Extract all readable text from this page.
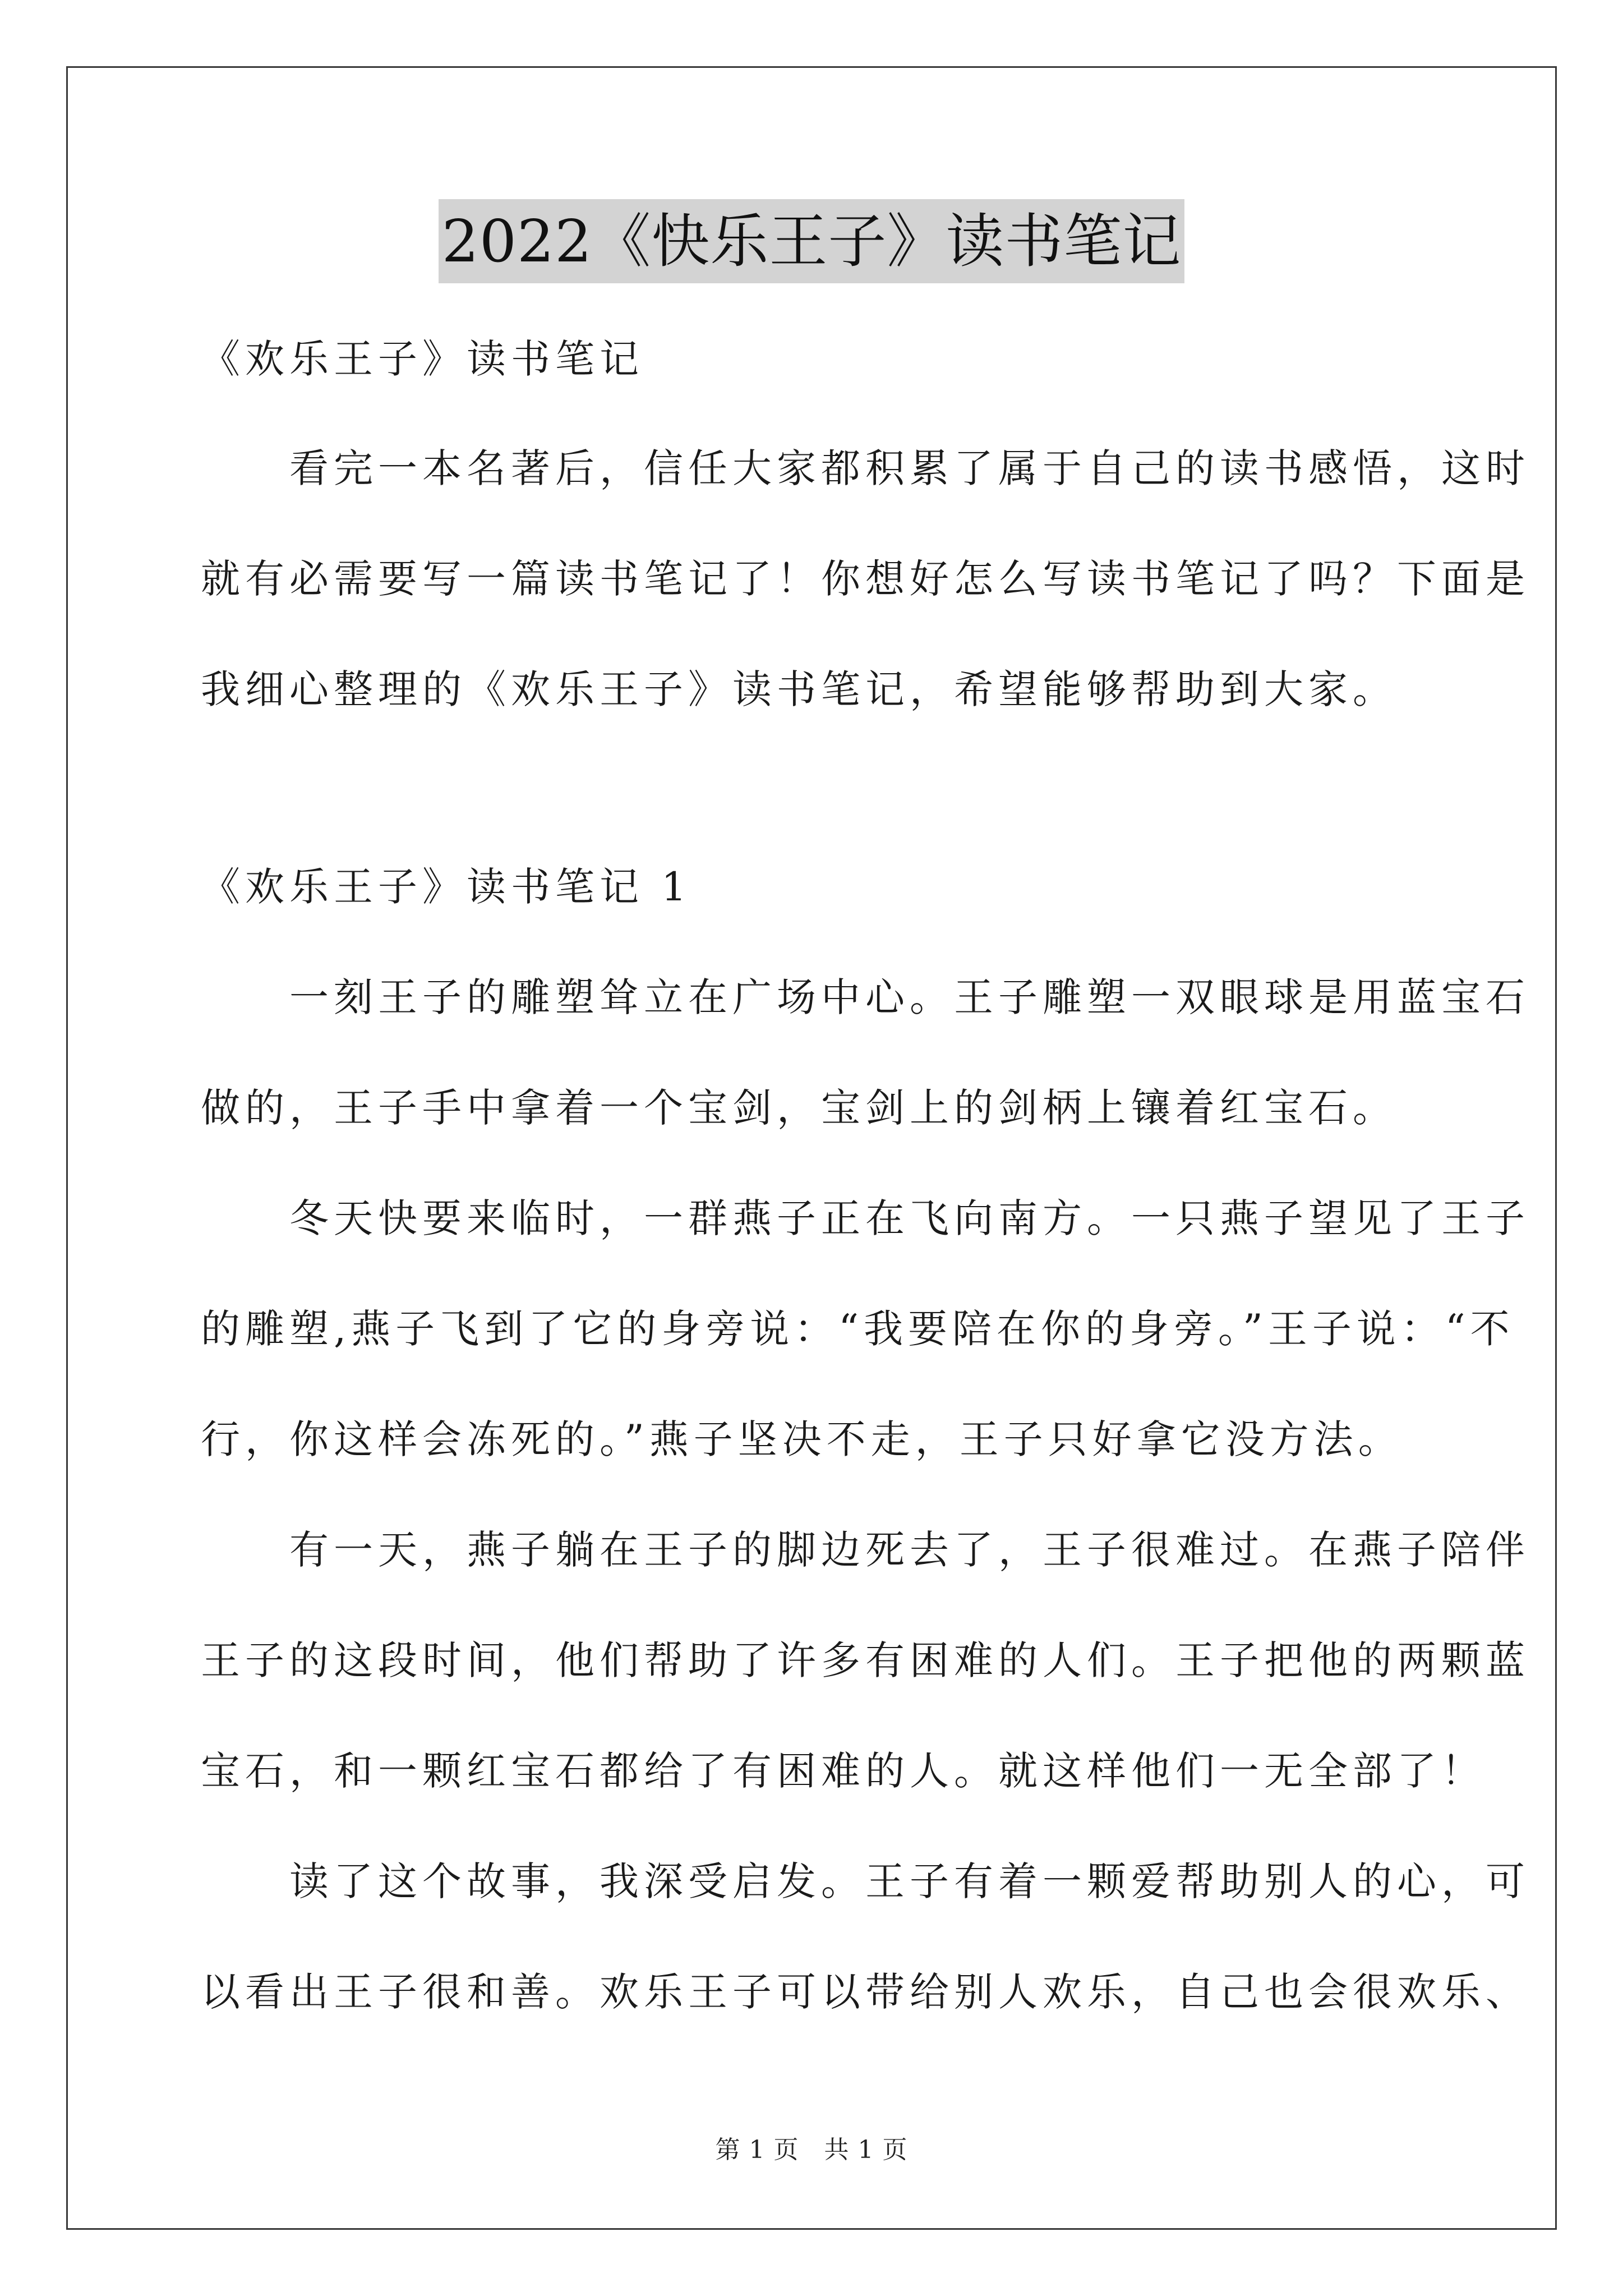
2022《快乐王子》读书笔记
《欢乐王子》读书笔记
　　看完一本名著后，信任大家都积累了属于自己的读书感悟，这时
就有必需要写一篇读书笔记了！你想好怎么写读书笔记了吗？下面是
我细心整理的《欢乐王子》读书笔记，希望能够帮助到大家。
《欢乐王子》读书笔记 1
　　一刻王子的雕塑耸立在广场中心。王子雕塑一双眼球是用蓝宝石
做的，王子手中拿着一个宝剑，宝剑上的剑柄上镶着红宝石。
　　冬天快要来临时，一群燕子正在飞向南方。一只燕子望见了王子
的雕塑,燕子飞到了它的身旁说：“我要陪在你的身旁。”王子说：“不
行，你这样会冻死的。”燕子坚决不走，王子只好拿它没方法。
　　有一天，燕子躺在王子的脚边死去了，王子很难过。在燕子陪伴
王子的这段时间，他们帮助了许多有困难的人们。王子把他的两颗蓝
宝石，和一颗红宝石都给了有困难的人。就这样他们一无全部了！
　　读了这个故事，我深受启发。王子有着一颗爱帮助别人的心，可
以看出王子很和善。欢乐王子可以带给别人欢乐，自己也会很欢乐、
第 1 页　共 1 页
